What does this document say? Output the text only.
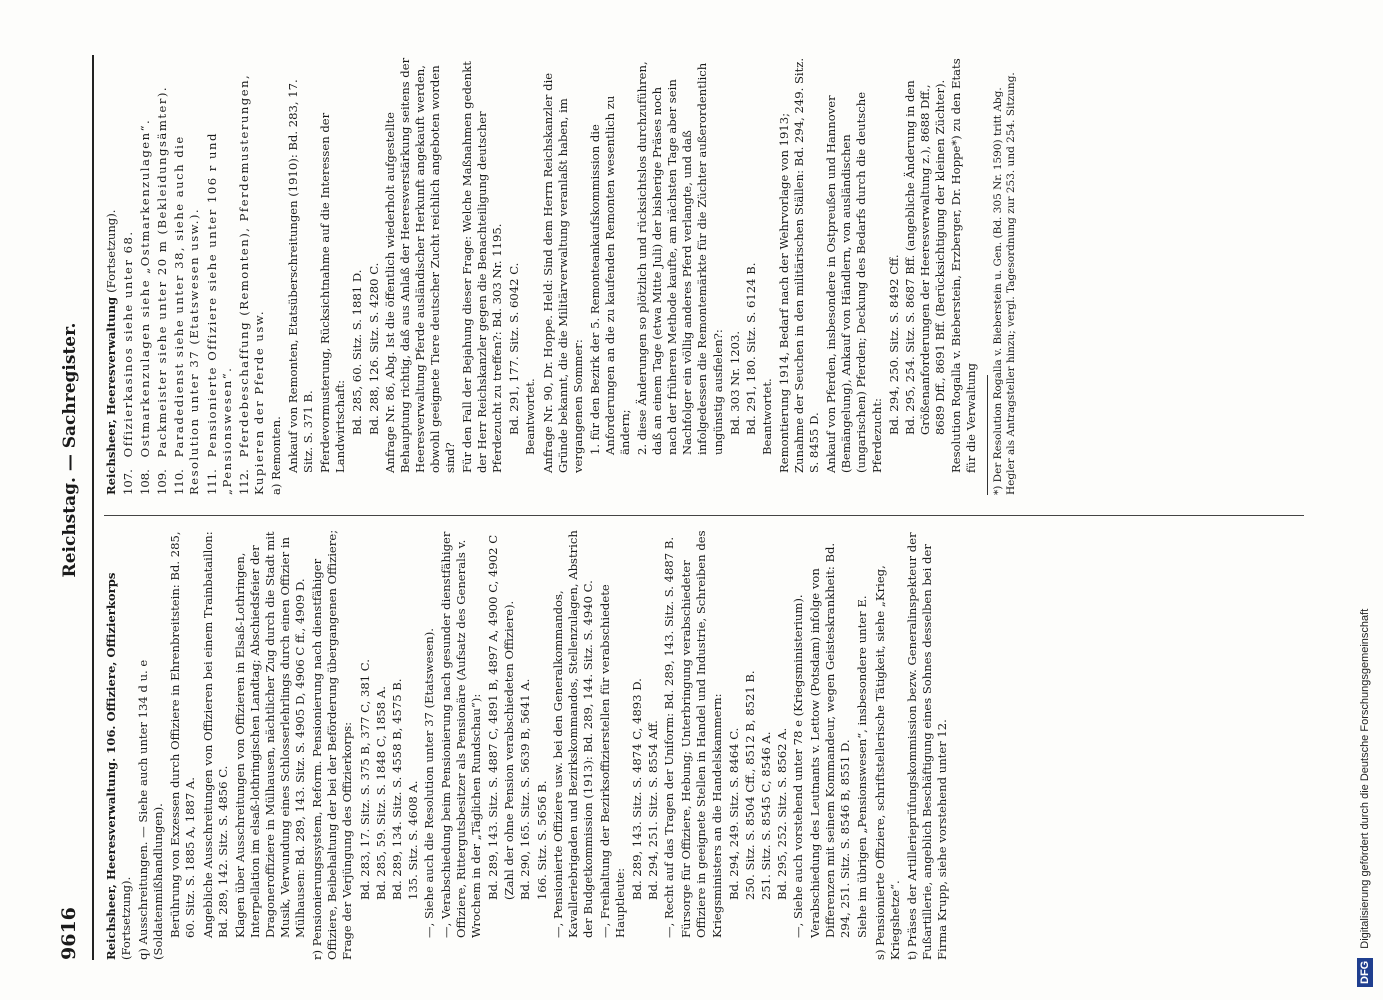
9616
Reichstag. — Sachregister.
Reichsheer, Heeresverwaltung. 106. Offiziere, Offizierkorps (Fortsetzung). q) Ausschreitungen. — Siehe auch unter 134 d u. e (Soldatenmißhandlungen). Berührung von Exzessen durch Offiziere in Ehrenbreitstein: Bd. 285, 60. Sitz. S. 1885 A, 1887 A. Angebliche Ausschreitungen von Offizieren bei einem Trainbataillon: Bd. 289, 142. Sitz. S. 4856 C. Klagen über Ausschreitungen von Offizieren in Elsaß-Lothringen, Interpellation im elsaß-lothringischen Landtag; Abschiedsfeier der Dragoneroffiziere in Mülhausen, nächtlicher Zug durch die Stadt mit Musik, Verwundung eines Schlosserlehrlings durch einen Offizier in Mülhausen: Bd. 289, 143. Sitz. S. 4905 D, 4906 C ff., 4909 D. r) Pensionierungssystem, Reform. Pensionierung nach dienstfähiger Offiziere, Beibehaltung der bei der Beförderung übergangenen Offiziere; Frage der Verjüngung des Offizierkorps: Bd. 283, 17. Sitz. S. 375 B, 377 C, 381 C. Bd. 285, 59. Sitz. S. 1848 C, 1858 A. Bd. 289, 134. Sitz. S. 4558 B, 4575 B. 135. Sitz. S. 4608 A. —, Siehe auch die Resolution unter 37 (Etatswesen). —, Verabschiedung beim Pensionierung nach gesunder dienstfähiger Offiziere, Rittergutsbesitzer als Pensionäre (Aufsatz des Generals v. Wrochem in der „Täglichen Rundschau“): Bd. 289, 143. Sitz. S. 4887 C, 4891 B, 4897 A, 4900 C, 4902 C (Zahl der ohne Pension verabschiedeten Offiziere). Bd. 290, 165. Sitz. S. 5639 B, 5641 A. 166. Sitz. S. 5656 B. —, Pensionierte Offiziere usw. bei den Generalkommandos, Kavalleriebrigaden und Bezirkskommandos, Stellenzulagen, Abstrich der Budgetkommission (1913): Bd. 289, 144. Sitz. S. 4940 C. —, Freihaltung der Bezirksoffizierstellen für verabschiedete Hauptleute:
Bd. 289, 143. Sitz. S. 4874 C, 4893 D. Bd. 294, 251. Sitz. S. 8554 Aff. —, Recht auf das Tragen der Uniform: Bd. 289, 143. Sitz. S. 4887 B. Fürsorge für Offiziere, Hebung; Unterbringung verabschiedeter Offiziere in geeignete Stellen in Handel und Industrie, Schreiben des Kriegsministers an die Handelskammern: Bd. 294, 249. Sitz. S. 8464 C. 250. Sitz. S. 8504 Cff., 8512 B, 8521 B. 251. Sitz. S. 8545 C, 8546 A. Bd. 295, 252. Sitz. S. 8562 A. —, Siehe auch vorstehend unter 78 e (Kriegsministerium). Verabschiedung des Leutnants v. Lettow (Potsdam) infolge von Differenzen mit seinem Kommandeur, wegen Geisteskrankheit: Bd. 294, 251. Sitz. S. 8546 B, 8551 D. Siehe im übrigen „Pensionswesen“, insbesondere unter E. s) Pensionierte Offiziere, schriftstellerische Tätigkeit, siehe „Krieg, Kriegshetze“. t) Präses der Artillerieprüfungskommission bezw. Generalinspekteur der Fußartillerie, angeblich Beschäftigung eines Sohnes desselben bei der Firma Krupp, siehe vorstehend unter 12.
Reichsheer, Heeresverwaltung (Fortsetzung).
107. Offizierkasinos siehe unter 68.
108. Ostmarkenzulagen siehe „Ostmarkenzulagen“.
109. Packmeister siehe unter 20 m (Bekleidungsämter).
110. Paradedienst siehe unter 38, siehe auch die Resolution unter 37 (Etatswesen usw.). 111. Pensionierte Offiziere siehe unter 106 r und „Pensionswesen“. 112. Pferdebeschaffung (Remonten), Pferdemusterungen, Kupieren der Pferde usw. a) Remonten. Ankauf von Remonten, Etatsüberschreitungen (1910): Bd. 283, 17. Sitz. S. 371 B. Pferdevormusterung, Rücksichtnahme auf die Interessen der Landwirtschaft: Bd. 285, 60. Sitz. S. 1881 D. Bd. 288, 126. Sitz. S. 4280 C. Anfrage Nr. 86, Abg. Ist die öffentlich wiederholt aufgestellte Behauptung richtig, daß aus Anlaß der Heeresverstärkung seitens der Heeresverwaltung Pferde ausländischer Herkunft angekauft werden, obwohl geeignete Tiere deutscher Zucht reichlich angeboten worden sind? Für den Fall der Bejahung dieser Frage: Welche Maßnahmen gedenkt der Herr Reichskanzler gegen die Benachteiligung deutscher Pferdezucht zu treffen?: Bd. 303 Nr. 1195. Bd. 291, 177. Sitz. S. 6042 C. Beantwortet. Anfrage Nr. 90, Dr. Hoppe. Held: Sind dem Herrn Reichskanzler die Gründe bekannt, die die Militärverwaltung veranlaßt haben, im vergangenen Sommer: 1. für den Bezirk der 5. Remonteankaufskommission die Anforderungen an die zu kaufenden Remonten wesentlich zu ändern; 2. diese Änderungen so plötzlich und rücksichtslos durchzuführen, daß an einem Tage (etwa Mitte Juli) der bisherige Präses noch nach der früheren Methode kaufte, am nächsten Tage aber sein Nachfolger ein völlig anderes Pferd verlangte, und daß infolgedessen die Remontemärkte für die Züchter außerordentlich ungünstig ausfielen?: Bd. 303 Nr. 1203. Bd. 291, 180. Sitz. S. 6124 B. Beantwortet. Remontierung 1914, Bedarf nach der Wehrvorlage von 1913; Zunahme der Seuchen in den militärischen Ställen: Bd. 294, 249. Sitz. S. 8455 D. Ankauf von Pferden, insbesondere in Ostpreußen und Hannover (Bemängelung), Ankauf von Händlern, von ausländischen (ungarischen) Pferden; Deckung des Bedarfs durch die deutsche Pferdezucht:
Bd. 294, 250. Sitz. S. 8492 Cff. Bd. 295, 254. Sitz. S. 8687 Bff. (angebliche Änderung in den Größenanforderungen der Heeresverwaltung z.), 8688 Dff., 8689 Dff., 8691 Bff. (Berücksichtigung der kleinen Züchter). Resolution Rogalla v. Bieberstein, Erzberger, Dr. Hoppe*) zu den Etats für die Verwaltung *) Der Resolution Rogalla v. Bieberstein u. Gen. (Bd. 305 Nr. 1590) tritt Abg. Hegler als Antragsteller hinzu; vergl. Tagesordnung zur 253. und 254. Sitzung.
DFG Digitalisierung gefördert durch die Deutsche Forschungsgemeinschaft
